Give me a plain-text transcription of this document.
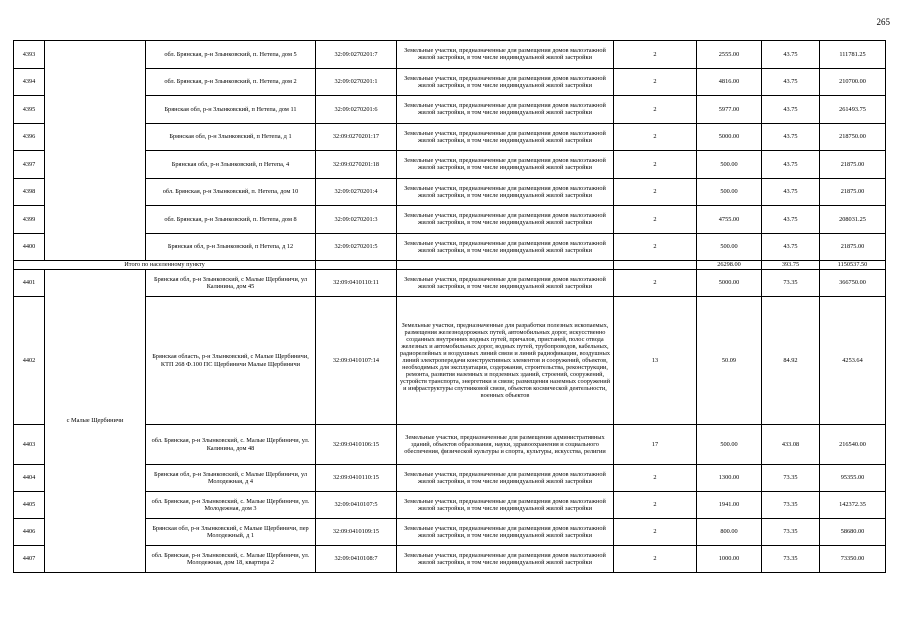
265
4393		обл. Брянская, р-н Злынковский, п. Нетепа, дом 5	32:09:0270201:7	Земельные участки, предназначенные для размещения домов малоэтажной жилой застройки, в том числе индивидуальной жилой застройки	2	2555.00	43.75	111781.25
4394		обл. Брянская, р-н Злынковский, п. Нетепа, дом 2	32:09:0270201:1	Земельные участки, предназначенные для размещения домов малоэтажной жилой застройки, в том числе индивидуальной жилой застройки	2	4816.00	43.75	210700.00
4395		Брянская обл, р-н Злынковский, п Нетепа, дом 11	32:09:0270201:6	Земельные участки, предназначенные для размещения домов малоэтажной жилой застройки, в том числе индивидуальной жилой застройки	2	5977.00	43.75	261493.75
4396		Брянская обл, р-н Злынковский, п Нетепа, д 1	32:09:0270201:17	Земельные участки, предназначенные для размещения домов малоэтажной жилой застройки, в том числе индивидуальной жилой застройки	2	5000.00	43.75	218750.00
4397		Брянская обл, р-н Злынковский, п Нетепа, 4	32:09:0270201:18	Земельные участки, предназначенные для размещения домов малоэтажной жилой застройки, в том числе индивидуальной жилой застройки	2	500.00	43.75	21875.00
4398		обл. Брянская, р-н Злынковский, п. Нетепа, дом 10	32:09:0270201:4	Земельные участки, предназначенные для размещения домов малоэтажной жилой застройки, в том числе индивидуальной жилой застройки	2	500.00	43.75	21875.00
4399		обл. Брянская, р-н Злынковский, п. Нетепа, дом 8	32:09:0270201:3	Земельные участки, предназначенные для размещения домов малоэтажной жилой застройки, в том числе индивидуальной жилой застройки	2	4755.00	43.75	208031.25
4400		Брянская обл, р-н Злынковский, п Нетепа, д 12	32:09:0270201:5	Земельные участки, предназначенные для размещения домов малоэтажной жилой застройки, в том числе индивидуальной жилой застройки	2	500.00	43.75	21875.00
Итого по населенному пункту						26298.00	393.75	1150537.50
4401	с Малые Щербиничи	Брянская обл, р-н Злынковский, с Малые Щербиничи, ул Калинина, дом 45	32:09:0410110:11	Земельные участки, предназначенные для размещения домов малоэтажной жилой застройки, в том числе индивидуальной жилой застройки	2	5000.00	73.35	366750.00
4402		Брянская область, р-н Злынковский, с Малые Щербиничи, КТП 268 Ф.100 ПС Щербиничи Малые Щербиничи	32:09:0410107:14	Земельные участки, предназначенные для разработки полезных ископаемых, размещения железнодорожных путей, автомобильных дорог, искусственно созданных внутренних водных путей, причалов, пристаней, полос отвода железных и автомобильных дорог, водных путей, трубопроводов, кабельных, радиорелейных и воздушных линий связи и линий радиофикации, воздушных линий электропередачи конструктивных элементов и сооружений, объектов, необходимых для эксплуатации, содержания, строительства, реконструкции, ремонта, развития наземных и подземных зданий, строений, сооружений, устройств транспорта, энергетики и связи; размещения наземных сооружений и инфраструктуры спутниковой связи, объектов космической деятельности, военных объектов	13	50.09	84.92	4253.64
4403		обл. Брянская, р-н Злынковский, с. Малые Щербиничи, ул. Калинина, дом 48	32:09:0410106:15	Земельные участки, предназначенные для размещения административных зданий, объектов образования, науки, здравоохранения и социального обеспечения, физической культуры и спорта, культуры, искусства, религии	17	500.00	433.08	216540.00
4404		Брянская обл, р-н Злынковский, с Малые Щербиничи, ул Молодежная, д 4	32:09:0410110:15	Земельные участки, предназначенные для размещения домов малоэтажной жилой застройки, в том числе индивидуальной жилой застройки	2	1300.00	73.35	95355.00
4405		обл. Брянская, р-н Злынковский, с. Малые Щербиничи, ул. Молодежная, дом 3	32:09:0410107:5	Земельные участки, предназначенные для размещения домов малоэтажной жилой застройки, в том числе индивидуальной жилой застройки	2	1941.00	73.35	142372.35
4406		Брянская обл, р-н Злынковский, с Малые Щербиничи, пер Молодежный, д 1	32:09:0410109:15	Земельные участки, предназначенные для размещения домов малоэтажной жилой застройки, в том числе индивидуальной жилой застройки	2	800.00	73.35	58680.00
4407		обл. Брянская, р-н Злынковский, с. Малые Щербиничи, ул. Молодежная, дом 18, квартира 2	32:09:0410108:7	Земельные участки, предназначенные для размещения домов малоэтажной жилой застройки, в том числе индивидуальной жилой застройки	2	1000.00	73.35	73350.00
